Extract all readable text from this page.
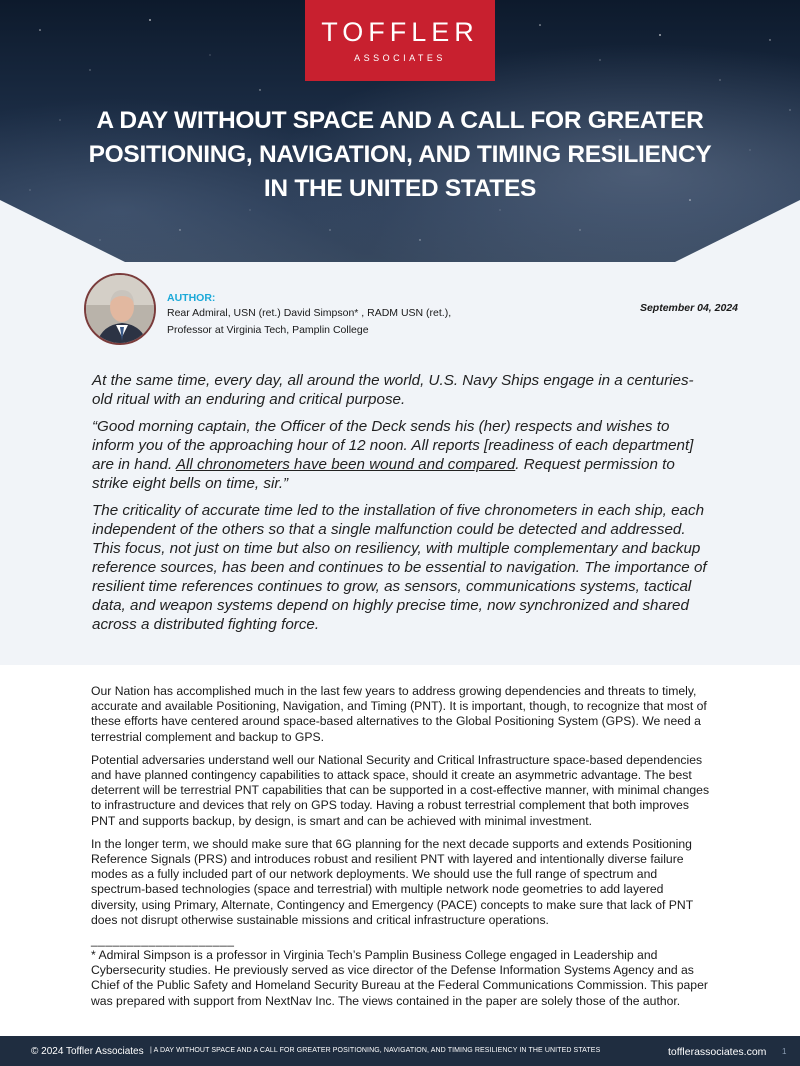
TOFFLER
ASSOCIATES
A DAY WITHOUT SPACE AND A CALL FOR GREATER POSITIONING, NAVIGATION, AND TIMING RESILIENCY IN THE UNITED STATES
AUTHOR:
Rear Admiral, USN (ret.) David Simpson* , RADM USN (ret.),
Professor at Virginia Tech, Pamplin College
September 04, 2024

At the same time, every day, all around the world, U.S. Navy Ships engage in a centuries-old ritual with an enduring and critical purpose.

“Good morning captain, the Officer of the Deck sends his (her) respects and wishes to inform you of the approaching hour of 12 noon. All reports [readiness of each department] are in hand. All chronometers have been wound and compared. Request permission to strike eight bells on time, sir.”

The criticality of accurate time led to the installation of five chronometers in each ship, each independent of the others so that a single malfunction could be detected and addressed. This focus, not just on time but also on resiliency, with multiple complementary and backup reference sources, has been and continues to be essential to navigation. The importance of resilient time references continues to grow, as sensors, communications systems, tactical data, and weapon systems depend on highly precise time, now synchronized and shared across a distributed fighting force.

Our Nation has accomplished much in the last few years to address growing dependencies and threats to timely, accurate and available Positioning, Navigation, and Timing (PNT). It is important, though, to recognize that most of these efforts have centered around space-based alternatives to the Global Positioning System (GPS). We need a terrestrial complement and backup to GPS.

Potential adversaries understand well our National Security and Critical Infrastructure space-based dependencies and have planned contingency capabilities to attack space, should it create an asymmetric advantage. The best deterrent will be terrestrial PNT capabilities that can be supported in a cost-effective manner, with minimal changes to infrastructure and devices that rely on GPS today. Having a robust terrestrial complement that both improves PNT and supports backup, by design, is smart and can be achieved with minimal investment.

In the longer term, we should make sure that 6G planning for the next decade supports and extends Positioning Reference Signals (PRS) and introduces robust and resilient PNT with layered and intentionally diverse failure modes as a fully included part of our network deployments. We should use the full range of spectrum and spectrum-based technologies (space and terrestrial) with multiple network node geometries to add layered diversity, using Primary, Alternate, Contingency and Emergency (PACE) concepts to make sure that lack of PNT does not disrupt otherwise sustainable missions and critical infrastructure operations.

____________________
* Admiral Simpson is a professor in Virginia Tech’s Pamplin Business College engaged in Leadership and Cybersecurity studies. He previously served as vice director of the Defense Information Systems Agency and as Chief of the Public Safety and Homeland Security Bureau at the Federal Communications Commission. This paper was prepared with support from NextNav Inc. The views contained in the paper are solely those of the author.
© 2024 Toffler Associates | A DAY WITHOUT SPACE AND A CALL FOR GREATER POSITIONING, NAVIGATION, AND TIMING RESILIENCY IN THE UNITED STATES	tofflerassociates.com 1
